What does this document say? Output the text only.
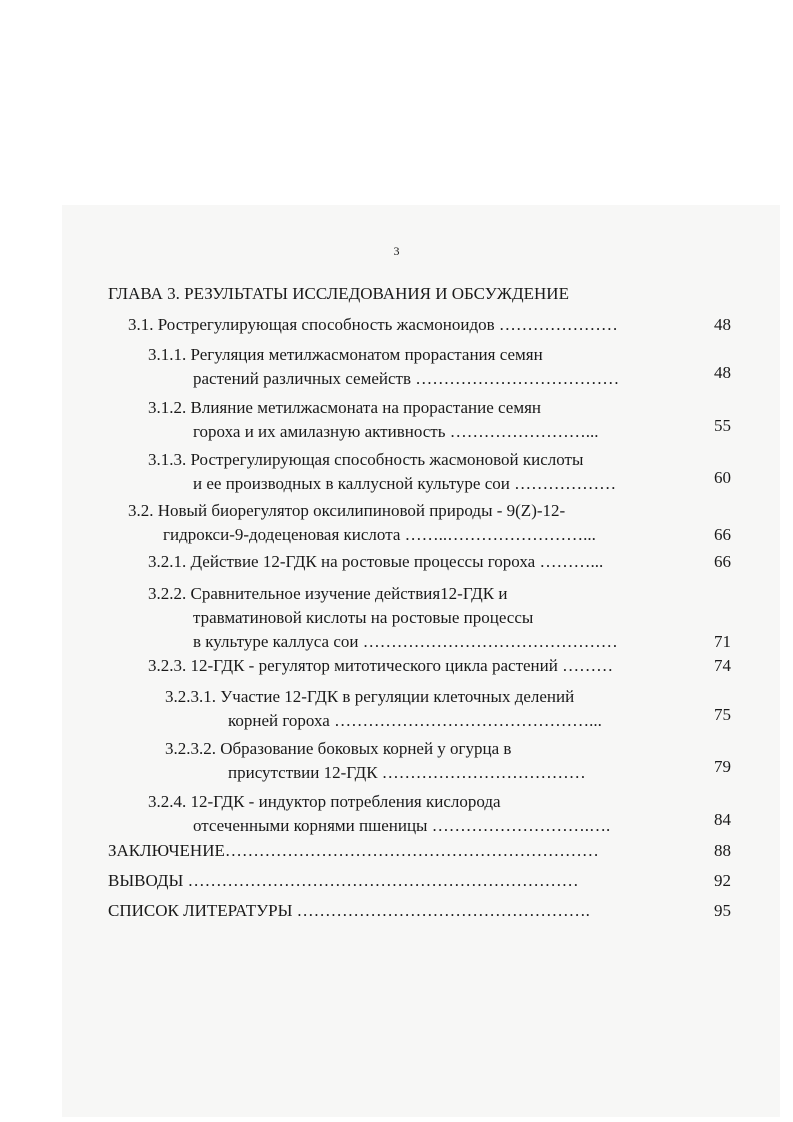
3
ГЛАВА 3. РЕЗУЛЬТАТЫ ИССЛЕДОВАНИЯ И ОБСУЖДЕНИЕ
3.1. Рострегулирующая способность жасмоноидов …………………	48
3.1.1. Регуляция метилжасмонатом прорастания семян
растений различных семейств ………………………………	48
3.1.2. Влияние метилжасмоната на прорастание семян
гороха и их амилазную активность ……………………...	55
3.1.3. Рострегулирующая способность жасмоновой кислоты
и ее производных в каллусной культуре сои ………………	60
3.2. Новый биорегулятор оксилипиновой природы - 9(Z)-12-
гидрокси-9-додеценовая кислота ……..……………………...	66
3.2.1. Действие 12-ГДК на ростовые процессы гороха ………...	66
3.2.2. Сравнительное изучение действия12-ГДК и
травматиновой кислоты на ростовые процессы
в культуре каллуса сои ………………………………………	71
3.2.3. 12-ГДК - регулятор митотического цикла растений ………	74
3.2.3.1. Участие 12-ГДК в регуляции клеточных делений
корней гороха ………………………………………...	75
3.2.3.2. Образование боковых корней у огурца в
присутствии 12-ГДК ………………………………	79
3.2.4. 12-ГДК - индуктор потребления кислорода
отсеченными корнями пшеницы ……………………….….	84
ЗАКЛЮЧЕНИЕ…………………………………………………………	88
ВЫВОДЫ ……………………………………………………………	92
СПИСОК ЛИТЕРАТУРЫ …………………………………………….	95
